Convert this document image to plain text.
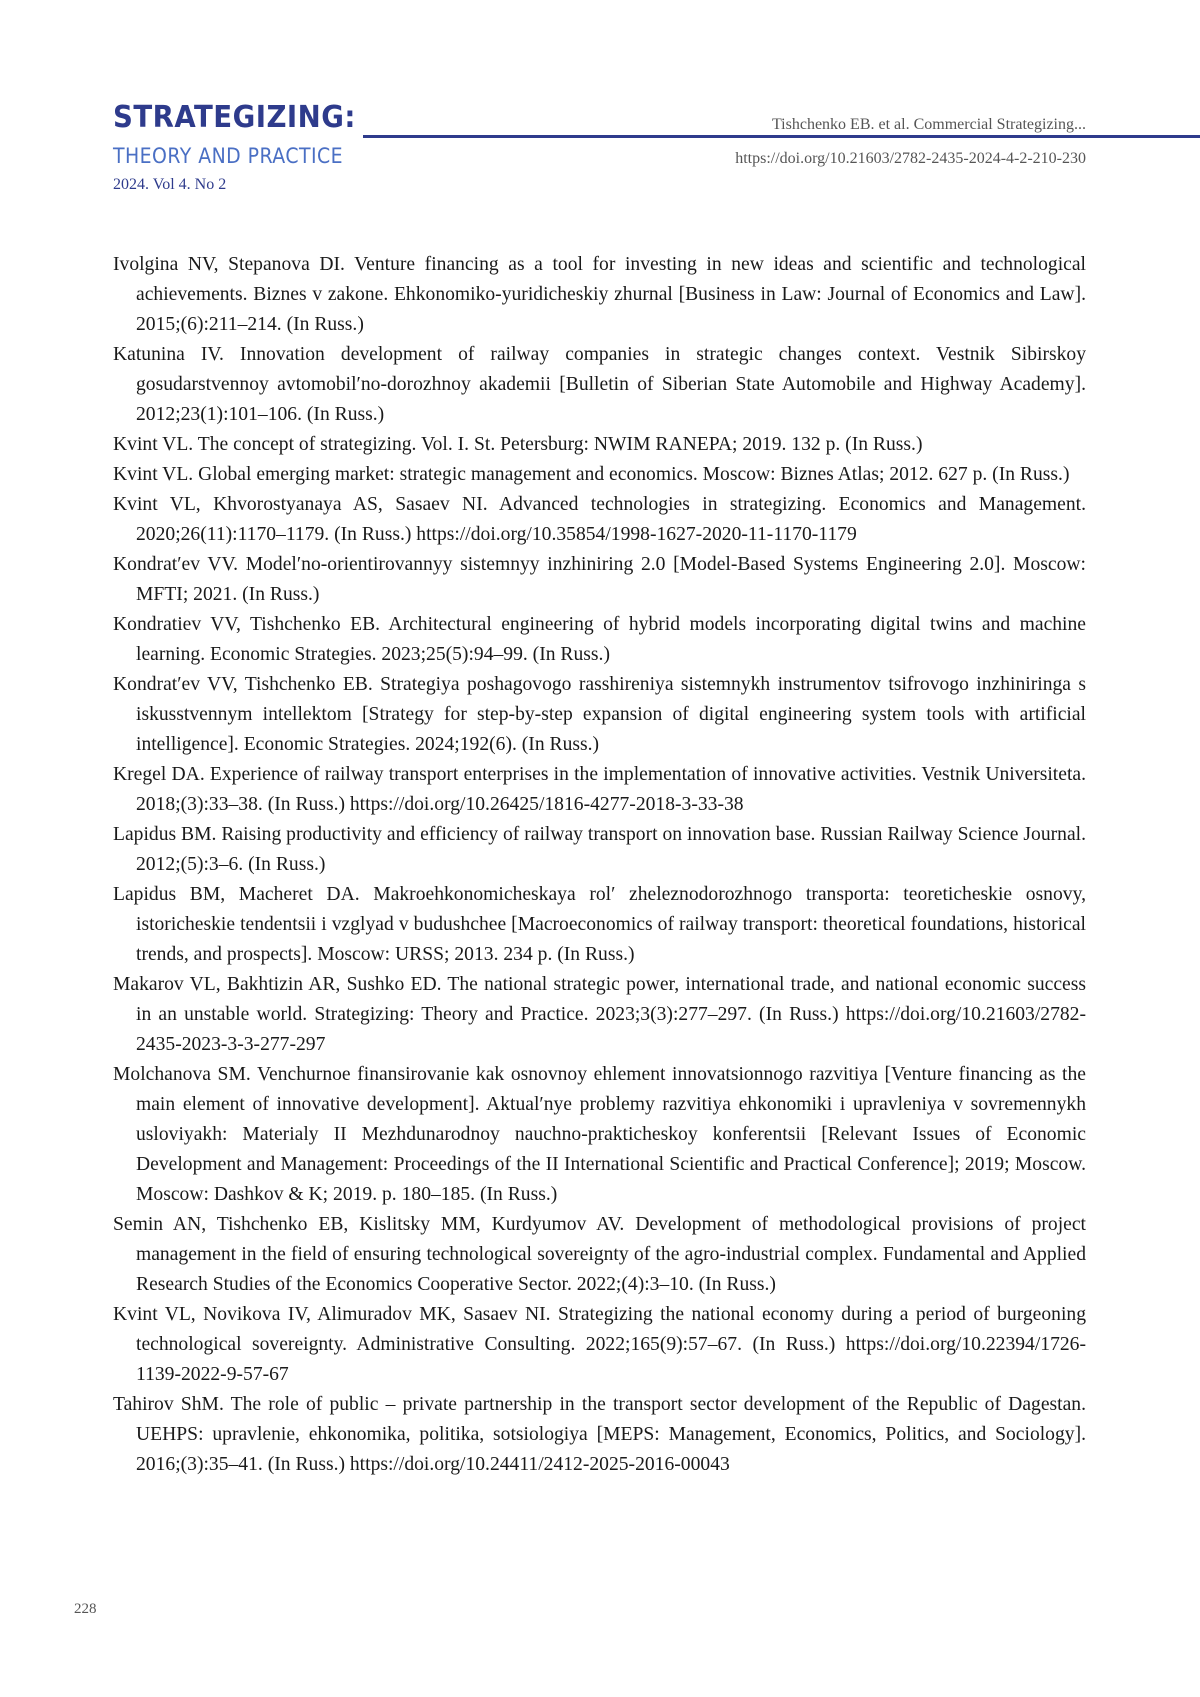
STRATEGIZING:
THEORY AND PRACTICE
2024. Vol 4. No 2
Tishchenko EB. et al. Commercial Strategizing...
https://doi.org/10.21603/2782-2435-2024-4-2-210-230
Ivolgina NV, Stepanova DI. Venture financing as a tool for investing in new ideas and scientific and technological achievements. Biznes v zakone. Ehkonomiko-yuridicheskiy zhurnal [Business in Law: Journal of Economics and Law]. 2015;(6):211–214. (In Russ.)
Katunina IV. Innovation development of railway companies in strategic changes context. Vestnik Sibirskoy gosudarstvennoy avtomobil′no-dorozhnoy akademii [Bulletin of Siberian State Automobile and Highway Academy]. 2012;23(1):101–106. (In Russ.)
Kvint VL. The concept of strategizing. Vol. I. St. Petersburg: NWIM RANEPA; 2019. 132 p. (In Russ.)
Kvint VL. Global emerging market: strategic management and economics. Moscow: Biznes Atlas; 2012. 627 p. (In Russ.)
Kvint VL, Khvorostyanaya AS, Sasaev NI. Advanced technologies in strategizing. Economics and Management. 2020;26(11):1170–1179. (In Russ.) https://doi.org/10.35854/1998-1627-2020-11-1170-1179
Kondrat′ev VV. Model′no-orientirovannyy sistemnyy inzhiniring 2.0 [Model-Based Systems Engineering 2.0]. Moscow: MFTI; 2021. (In Russ.)
Kondratiev VV, Tishchenko EB. Architectural engineering of hybrid models incorporating digital twins and machine learning. Economic Strategies. 2023;25(5):94–99. (In Russ.)
Kondrat′ev VV, Tishchenko EB. Strategiya poshagovogo rasshireniya sistemnykh instrumentov tsifrovogo inzhiniringa s iskusstvennym intellektom [Strategy for step-by-step expansion of digital engineering system tools with artificial intelligence]. Economic Strategies. 2024;192(6). (In Russ.)
Kregel DA. Experience of railway transport enterprises in the implementation of innovative activities. Vestnik Universiteta. 2018;(3):33–38. (In Russ.) https://doi.org/10.26425/1816-4277-2018-3-33-38
Lapidus BM. Raising productivity and efficiency of railway transport on innovation base. Russian Railway Science Journal. 2012;(5):3–6. (In Russ.)
Lapidus BM, Macheret DA. Makroehkonomicheskaya rol′ zheleznodorozhnogo transporta: teoreticheskie osnovy, istoricheskie tendentsii i vzglyad v budushchee [Macroeconomics of railway transport: theoretical foundations, historical trends, and prospects]. Moscow: URSS; 2013. 234 p. (In Russ.)
Makarov VL, Bakhtizin AR, Sushko ED. The national strategic power, international trade, and national economic success in an unstable world. Strategizing: Theory and Practice. 2023;3(3):277–297. (In Russ.) https://doi.org/10.21603/2782-2435-2023-3-3-277-297
Molchanova SM. Venchurnoe finansirovanie kak osnovnoy ehlement innovatsionnogo razvitiya [Venture financing as the main element of innovative development]. Aktual′nye problemy razvitiya ehkonomiki i upravleniya v sovremennykh usloviyakh: Materialy II Mezhdunarodnoy nauchno-prakticheskoy konferentsii [Relevant Issues of Economic Development and Management: Proceedings of the II International Scientific and Practical Conference]; 2019; Moscow. Moscow: Dashkov & K; 2019. p. 180–185. (In Russ.)
Semin AN, Tishchenko EB, Kislitsky MM, Kurdyumov AV. Development of methodological provisions of project management in the field of ensuring technological sovereignty of the agro-industrial complex. Fundamental and Applied Research Studies of the Economics Cooperative Sector. 2022;(4):3–10. (In Russ.)
Kvint VL, Novikova IV, Alimuradov MK, Sasaev NI. Strategizing the national economy during a period of burgeoning technological sovereignty. Administrative Consulting. 2022;165(9):57–67. (In Russ.) https://doi.org/10.22394/1726-1139-2022-9-57-67
Tahirov ShM. The role of public – private partnership in the transport sector development of the Republic of Dagestan. UEHPS: upravlenie, ehkonomika, politika, sotsiologiya [MEPS: Management, Economics, Politics, and Sociology]. 2016;(3):35–41. (In Russ.) https://doi.org/10.24411/2412-2025-2016-00043
228
